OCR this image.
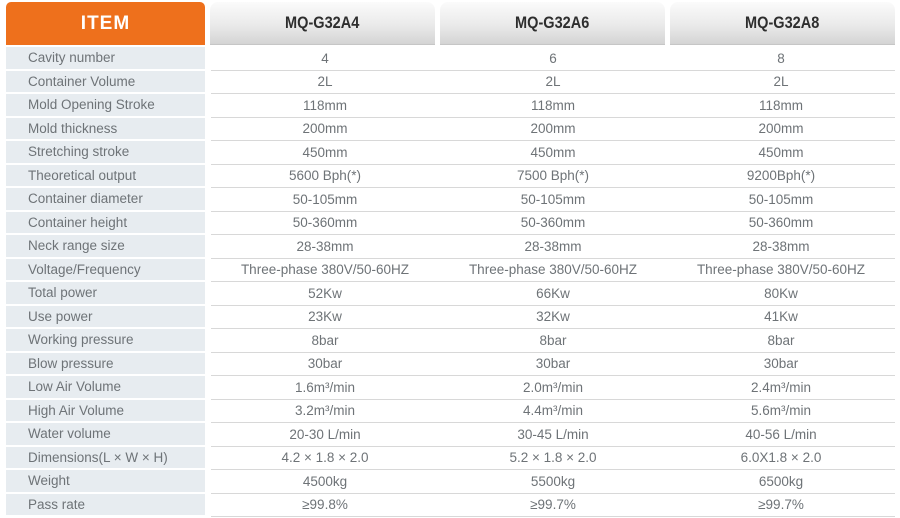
ITEM	MQ-G32A4	MQ-G32A6	MQ-G32A8
Cavity number	4	6	8
Container Volume	2L	2L	2L
Mold Opening Stroke	118mm	118mm	118mm
Mold thickness	200mm	200mm	200mm
Stretching stroke	450mm	450mm	450mm
Theoretical output	5600 Bph(*)	7500 Bph(*)	9200Bph(*)
Container diameter	50-105mm	50-105mm	50-105mm
Container height	50-360mm	50-360mm	50-360mm
Neck range size	28-38mm	28-38mm	28-38mm
Voltage/Frequency	Three-phase 380V/50-60HZ	Three-phase 380V/50-60HZ	Three-phase 380V/50-60HZ
Total power	52Kw	66Kw	80Kw
Use power	23Kw	32Kw	41Kw
Working pressure	8bar	8bar	8bar
Blow pressure	30bar	30bar	30bar
Low Air Volume	1.6m³/min	2.0m³/min	2.4m³/min
High Air Volume	3.2m³/min	4.4m³/min	5.6m³/min
Water volume	20-30 L/min	30-45 L/min	40-56 L/min
Dimensions(L × W × H)	4.2 × 1.8 × 2.0	5.2 × 1.8 × 2.0	6.0X1.8 × 2.0
Weight	4500kg	5500kg	6500kg
Pass rate	≥99.8%	≥99.7%	≥99.7%
